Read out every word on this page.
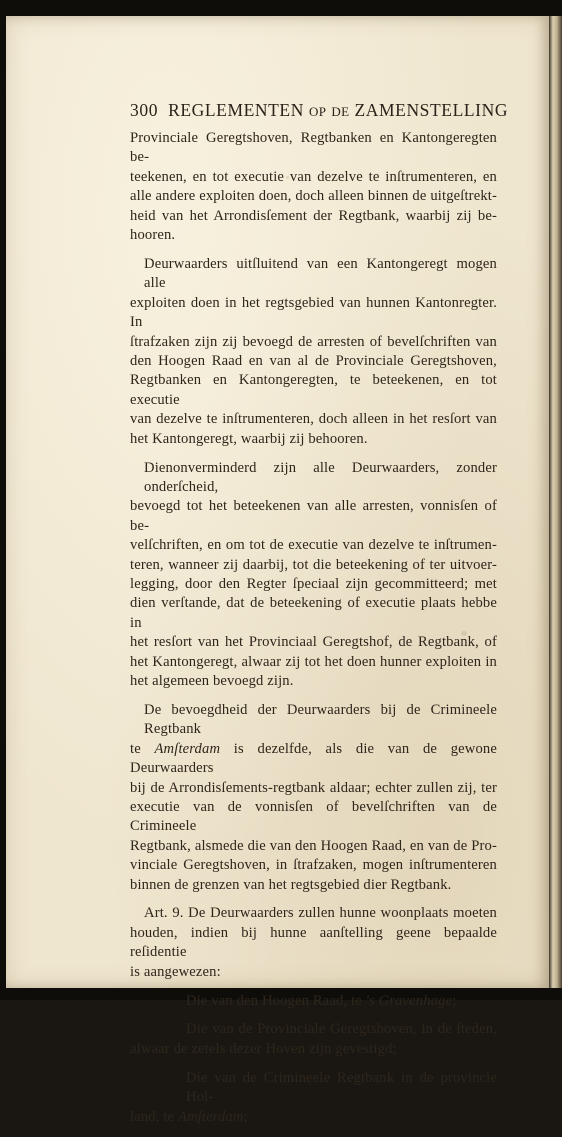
300 REGLEMENTEN OP DE ZAMENSTELLING
Provinciale Geregtshoven, Regtbanken en Kantongeregten be-
teekenen, en tot executie van dezelve te inſtrumenteren, en
alle andere exploiten doen, doch alleen binnen de uitgeſtrekt-
heid van het Arrondisſement der Regtbank, waarbij zij be-
hooren.
Deurwaarders uitſluitend van een Kantongeregt mogen alle
exploiten doen in het regtsgebied van hunnen Kantonregter. In
ſtrafzaken zijn zij bevoegd de arresten of bevelſchriften van
den Hoogen Raad en van al de Provinciale Geregtshoven,
Regtbanken en Kantongeregten, te beteekenen, en tot executie
van dezelve te inſtrumenteren, doch alleen in het resſort van
het Kantongeregt, waarbij zij behooren.
Dienonverminderd zijn alle Deurwaarders, zonder onderſcheid,
bevoegd tot het beteekenen van alle arresten, vonnisſen of be-
velſchriften, en om tot de executie van dezelve te inſtrumen-
teren, wanneer zij daarbij, tot die beteekening of ter uitvoer-
legging, door den Regter ſpeciaal zijn gecommitteerd; met
dien verſtande, dat de beteekening of executie plaats hebbe in
het resſort van het Provinciaal Geregtshof, de Regtbank, of
het Kantongeregt, alwaar zij tot het doen hunner exploiten in
het algemeen bevoegd zijn.
De bevoegdheid der Deurwaarders bij de Crimineele Regtbank
te Amſterdam is dezelfde, als die van de gewone Deurwaarders
bij de Arrondisſements-regtbank aldaar; echter zullen zij, ter
executie van de vonnisſen of bevelſchriften van de Crimineele
Regtbank, alsmede die van den Hoogen Raad, en van de Pro-
vinciale Geregtshoven, in ſtrafzaken, mogen inſtrumenteren
binnen de grenzen van het regtsgebied dier Regtbank.
Art. 9. De Deurwaarders zullen hunne woonplaats moeten
houden, indien bij hunne aanſtelling geene bepaalde reſidentie
is aangewezen:
Die van den Hoogen Raad, te 's Gravenhage;
Die van de Provinciale Geregtshoven, in de ſteden,
alwaar de zetels dezer Hoven zijn gevestigd;
Die van de Crimineele Regtbank in de provincie Hol-
land, te Amſterdam;
